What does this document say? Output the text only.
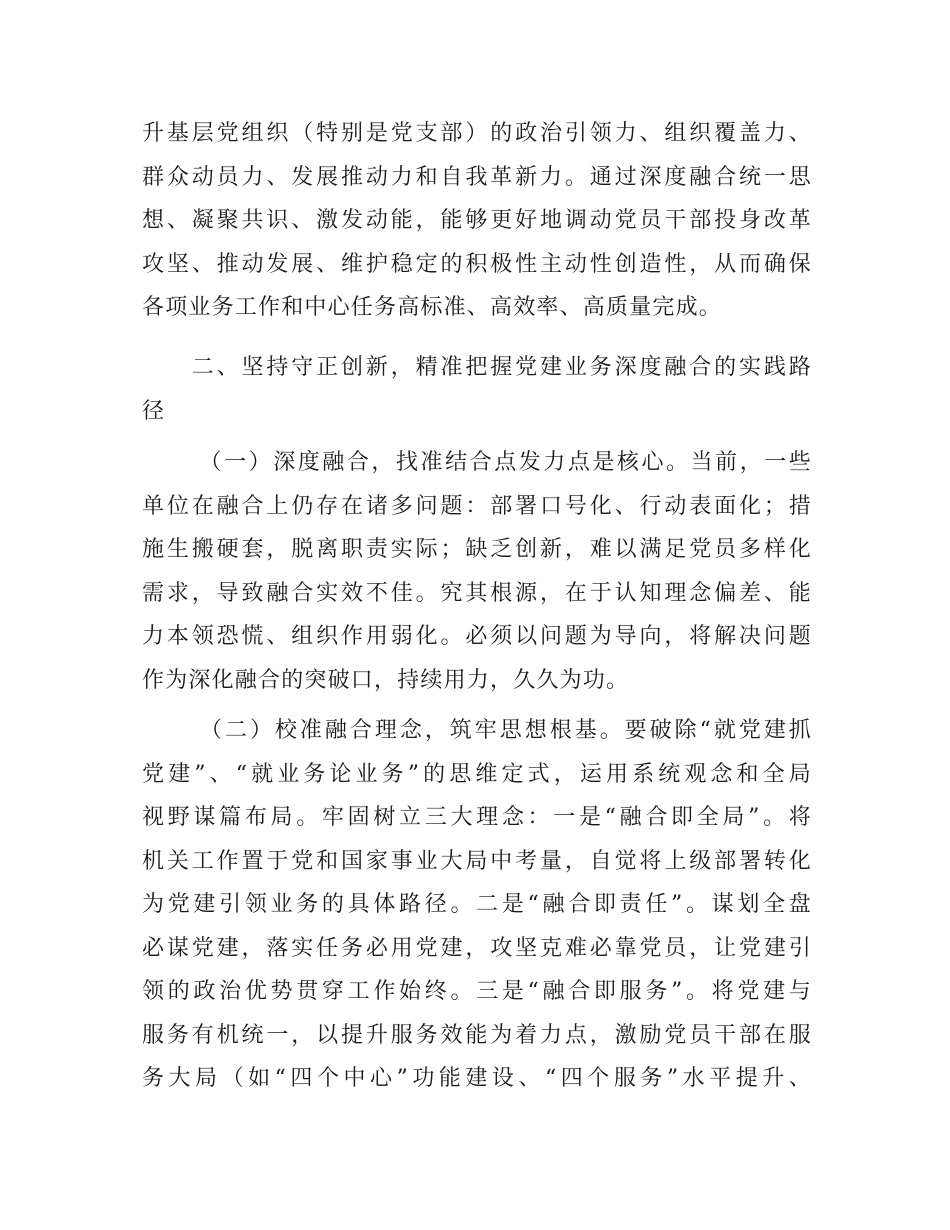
升基层党组织（特别是党支部）的政治引领力、组织覆盖力、
群众动员力、发展推动力和自我革新力。通过深度融合统一思
想、凝聚共识、激发动能，能够更好地调动党员干部投身改革
攻坚、推动发展、维护稳定的积极性主动性创造性，从而确保
各项业务工作和中心任务高标准、高效率、高质量完成。
　　二、坚持守正创新，精准把握党建业务深度融合的实践路
径
　（一）深度融合，找准结合点发力点是核心。当前，一些
单位在融合上仍存在诸多问题：部署口号化、行动表面化；措
施生搬硬套，脱离职责实际；缺乏创新，难以满足党员多样化
需求，导致融合实效不佳。究其根源，在于认知理念偏差、能
力本领恐慌、组织作用弱化。必须以问题为导向，将解决问题
作为深化融合的突破口，持续用力，久久为功。
　（二）校准融合理念，筑牢思想根基。要破除“就党建抓
党建”、“就业务论业务”的思维定式，运用系统观念和全局
视野谋篇布局。牢固树立三大理念：一是“融合即全局”。将
机关工作置于党和国家事业大局中考量，自觉将上级部署转化
为党建引领业务的具体路径。二是“融合即责任”。谋划全盘
必谋党建，落实任务必用党建，攻坚克难必靠党员，让党建引
领的政治优势贯穿工作始终。三是“融合即服务”。将党建与
服务有机统一，以提升服务效能为着力点，激励党员干部在服
务大局（如“四个中心”功能建设、“四个服务”水平提升、
